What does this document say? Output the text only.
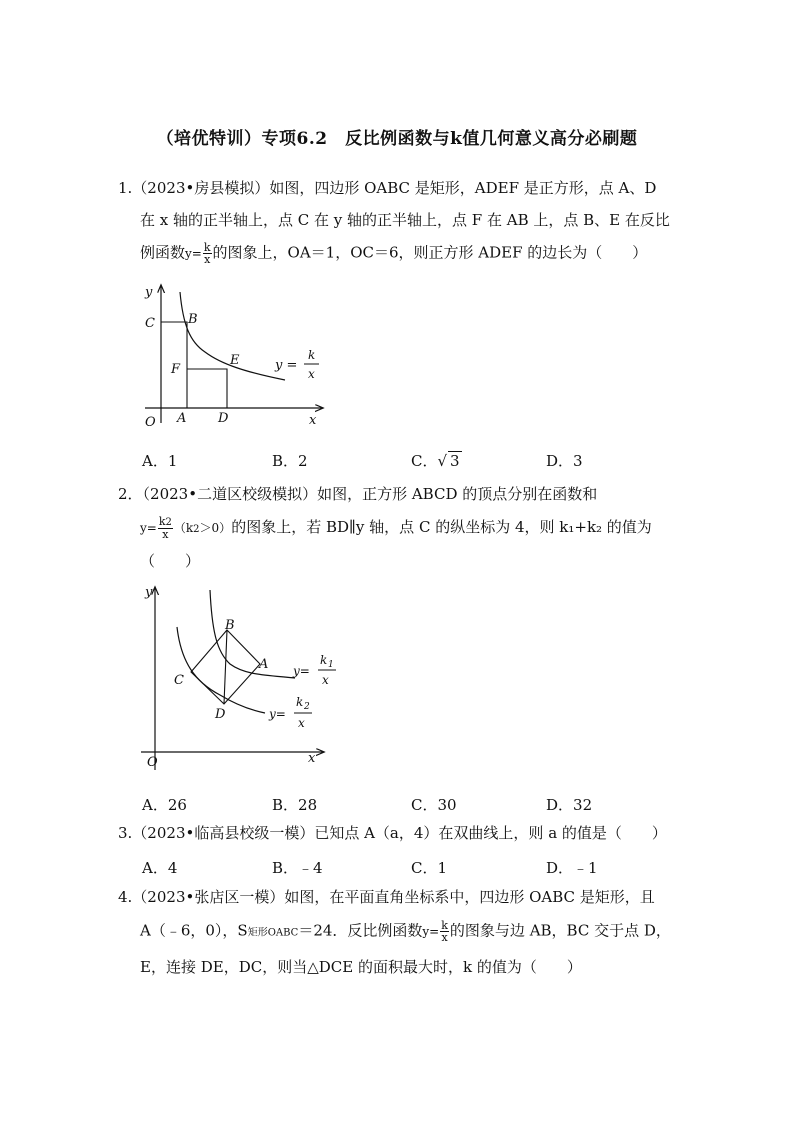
（培优特训）专项6.2　反比例函数与k值几何意义高分必刷题
1.（2023•房县模拟）如图，四边形 OABC 是矩形，ADEF 是正方形，点 A、D
在 x 轴的正半轴上，点 C 在 y 轴的正半轴上，点 F 在 AB 上，点 B、E 在反比
例函数$y= \frac{k}{x}$ 的图象上，OA＝1，OC＝6，则正方形 ADEF 的边长为（　　）
y
C	B
F
E
O A D	x
y =
k
x
A．1	B．2	C．√ 3	D．3
2．（2023•二道区校级模拟）如图，正方形 ABCD 的顶点分别在函数和
$y= \frac{k2}{x} (k2>0)$的图象上，若 BD∥y 轴，点 C 的纵坐标为 4，则 k₁+k₂ 的值为
（　　）
y
B
A
C
D
O	x
y=
k 1
x
y=
k 2
x
A．26	B．28	C．30	D．32
3.（2023•临高县校级一模）已知点 A（a，4）在双曲线上，则 a 的值是（　　）
A．4	B．﹣4	C．1	D．﹣1
4.（2023•张店区一模）如图，在平面直角坐标系中，四边形 OABC 是矩形，且
A（﹣6，0），S矩形OABC＝24．反比例函数$y= \frac{k}{x}$ 的图象与边 AB，BC 交于点 D，
E，连接 DE，DC，则当△DCE 的面积最大时，k 的值为（　　）
